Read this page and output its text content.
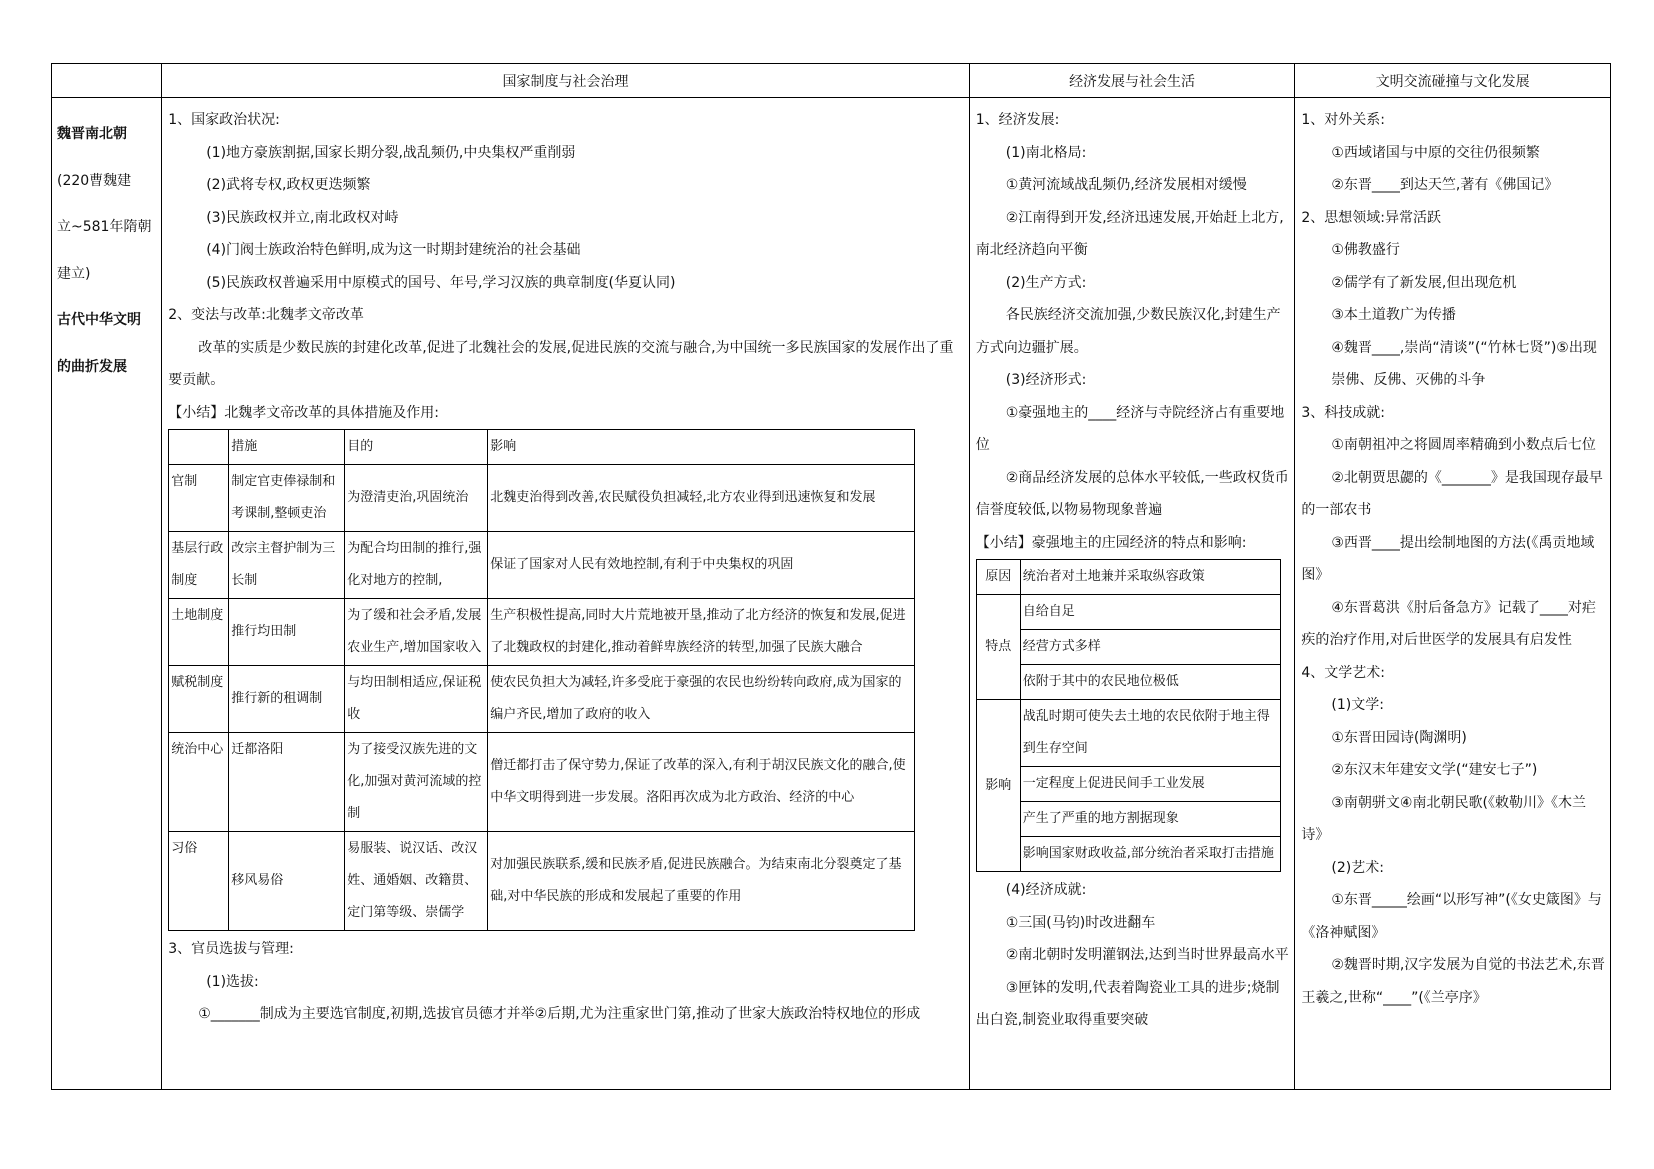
	国家制度与社会治理	经济发展与社会生活	文明交流碰撞与文化发展

魏晋南北朝

(220曹魏建

立~581年隋朝

建立)

古代中华文明

的曲折发展

1、国家政治状况:

(1)地方豪族割据,国家长期分裂,战乱频仍,中央集权严重削弱

(2)武将专权,政权更迭频繁

(3)民族政权并立,南北政权对峙

(4)门阀士族政治特色鲜明,成为这一时期封建统治的社会基础

(5)民族政权普遍采用中原模式的国号、年号,学习汉族的典章制度(华夏认同)

2、变法与改革:北魏孝文帝改革

改革的实质是少数民族的封建化改革,促进了北魏社会的发展,促进民族的交流与融合,为中国统一多民族国家的发展作出了重要贡献。

【小结】北魏孝文帝改革的具体措施及作用:

	措施	目的	影响
官制	制定官吏俸禄制和考课制,整顿吏治	为澄清吏治,巩固统治	北魏吏治得到改善,农民赋役负担减轻,北方农业得到迅速恢复和发展
基层行政制度	改宗主督护制为三长制	为配合均田制的推行,强化对地方的控制,	保证了国家对人民有效地控制,有利于中央集权的巩固
土地制度	推行均田制	为了缓和社会矛盾,发展农业生产,增加国家收入	生产积极性提高,同时大片荒地被开垦,推动了北方经济的恢复和发展,促进了北魏政权的封建化,推动着鲜卑族经济的转型,加强了民族大融合
赋税制度	推行新的租调制	与均田制相适应,保证税收	使农民负担大为减轻,许多受庇于豪强的农民也纷纷转向政府,成为国家的编户齐民,增加了政府的收入
统治中心	迁都洛阳	为了接受汉族先进的文化,加强对黄河流域的控制	僧迁都打击了保守势力,保证了改革的深入,有利于胡汉民族文化的融合,使中华文明得到进一步发展。洛阳再次成为北方政治、经济的中心
习俗	移风易俗	易服装、说汉话、改汉姓、通婚姻、改籍贯、定门第等级、崇儒学	对加强民族联系,缓和民族矛盾,促进民族融合。为结束南北分裂奠定了基础,对中华民族的形成和发展起了重要的作用

3、官员选拔与管理:

(1)选拔:

①_______制成为主要选官制度,初期,选拔官员德才并举②后期,尤为注重家世门第,推动了世家大族政治特权地位的形成

1、经济发展:

(1)南北格局:

①黄河流域战乱频仍,经济发展相对缓慢

②江南得到开发,经济迅速发展,开始赶上北方,南北经济趋向平衡

(2)生产方式:

各民族经济交流加强,少数民族汉化,封建生产方式向边疆扩展。

(3)经济形式:

①豪强地主的____经济与寺院经济占有重要地位

②商品经济发展的总体水平较低,一些政权货币信誉度较低,以物易物现象普遍

【小结】豪强地主的庄园经济的特点和影响:

原因	统治者对土地兼并采取纵容政策
特点	自给自足
经营方式多样
依附于其中的农民地位极低
影响	战乱时期可使失去土地的农民依附于地主得到生存空间
一定程度上促进民间手工业发展
产生了严重的地方割据现象
影响国家财政收益,部分统治者采取打击措施

(4)经济成就:

①三国(马钧)时改进翻车

②南北朝时发明灌钢法,达到当时世界最高水平

③匣钵的发明,代表着陶瓷业工具的进步;烧制出白瓷,制瓷业取得重要突破

1、对外关系:

①西域诸国与中原的交往仍很频繁

②东晋____到达天竺,著有《佛国记》

2、思想领域:异常活跃

①佛教盛行

②儒学有了新发展,但出现危机

③本土道教广为传播

④魏晋____,崇尚“清谈”(“竹林七贤”)⑤出现崇佛、反佛、灭佛的斗争

3、科技成就:

①南朝祖冲之将圆周率精确到小数点后七位

②北朝贾思勰的《_______》是我国现存最早的一部农书

③西晋____提出绘制地图的方法(《禹贡地域图》

④东晋葛洪《肘后备急方》记载了____对疟疾的治疗作用,对后世医学的发展具有启发性

4、文学艺术:

(1)文学:

①东晋田园诗(陶渊明)

②东汉末年建安文学(“建安七子”)

③南朝骈文④南北朝民歌(《敕勒川》《木兰诗》

(2)艺术:

①东晋_____绘画“以形写神”(《女史箴图》与《洛神赋图》

②魏晋时期,汉字发展为自觉的书法艺术,东晋王羲之,世称“____”(《兰亭序》
